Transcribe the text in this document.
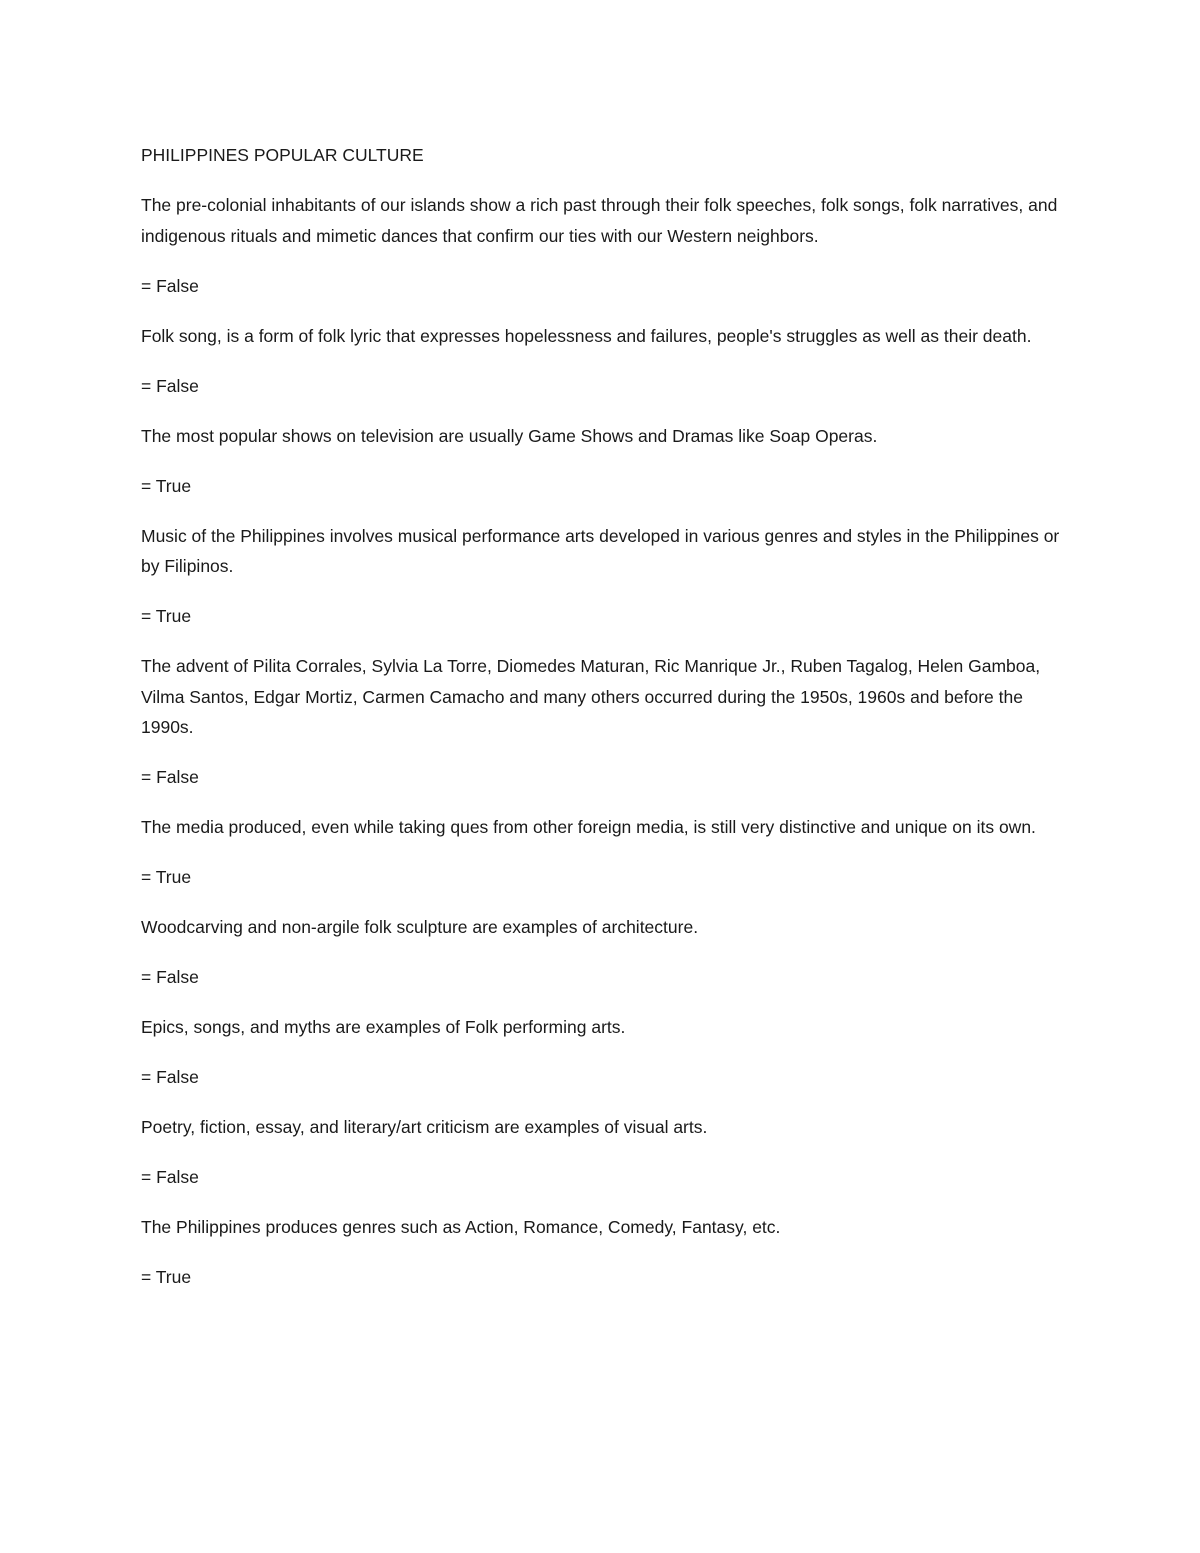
PHILIPPINES POPULAR CULTURE

The pre-colonial inhabitants of our islands show a rich past through their folk speeches, folk songs, folk narratives, and indigenous rituals and mimetic dances that confirm our ties with our Western neighbors.

= False

Folk song, is a form of folk lyric that expresses hopelessness and failures, people's struggles as well as their death.

= False

The most popular shows on television are usually Game Shows and Dramas like Soap Operas.

= True

Music of the Philippines involves musical performance arts developed in various genres and styles in the Philippines or by Filipinos.

= True

The advent of Pilita Corrales, Sylvia La Torre, Diomedes Maturan, Ric Manrique Jr., Ruben Tagalog, Helen Gamboa, Vilma Santos, Edgar Mortiz, Carmen Camacho and many others occurred during the 1950s, 1960s and before the 1990s.

= False

The media produced, even while taking ques from other foreign media, is still very distinctive and unique on its own.

= True

Woodcarving and non-argile folk sculpture are examples of architecture.

= False

Epics, songs, and myths are examples of Folk performing arts.

= False

Poetry, fiction, essay, and literary/art criticism are examples of visual arts.

= False

The Philippines produces genres such as Action, Romance, Comedy, Fantasy, etc.

= True
